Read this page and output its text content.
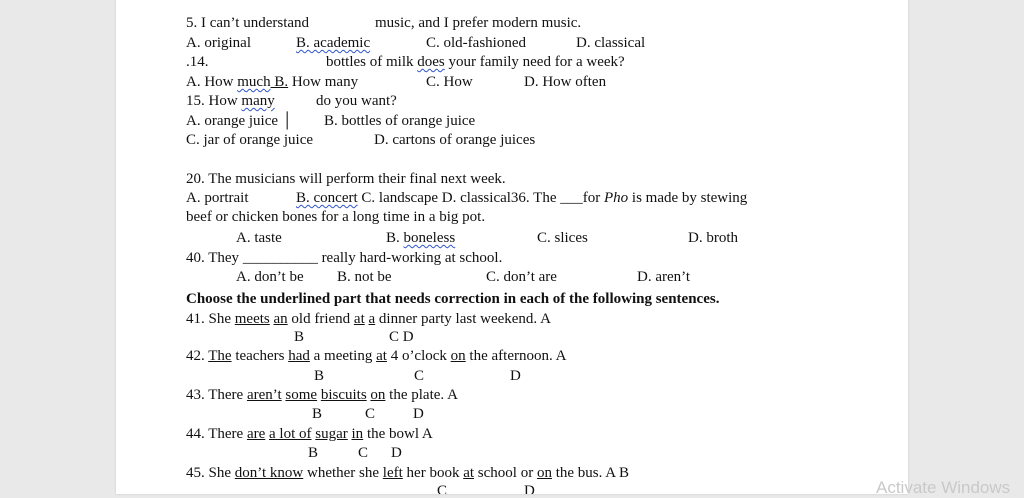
5. I can’t understand	music, and I prefer modern music.
A. original	B. academic	C. old-fashioned	D. classical
.14.	bottles of milk does your family need for a week?
A. How much B. How many	C. How	D. How often
15. How many	do you want?
A. orange juice │ B. bottles of orange juice
C. jar of orange juice	D. cartons of orange juices
20. The musicians will perform their final next week.
A. portrait	B. concert C. landscape D. classical36. The ___for Pho is made by stewing
beef or chicken bones for a long time in a big pot.
A. taste	B. boneless	C. slices	D. broth
40. They __________ really hard-working at school.
A. don’t be B. not be	C. don’t are	D. aren’t
Choose the underlined part that needs correction in each of the following sentences.
41. She meets an old friend at a dinner party last weekend. A
B	C D
42. The teachers had a meeting at 4 o’clock on the afternoon. A
B	C	D
43. There aren’t some biscuits on the plate. A
B	C	D
44. There are a lot of sugar in the bowl A
B	C D
45. She don’t know whether she left her book at school or on the bus. A B
C	D	Activate Windows
